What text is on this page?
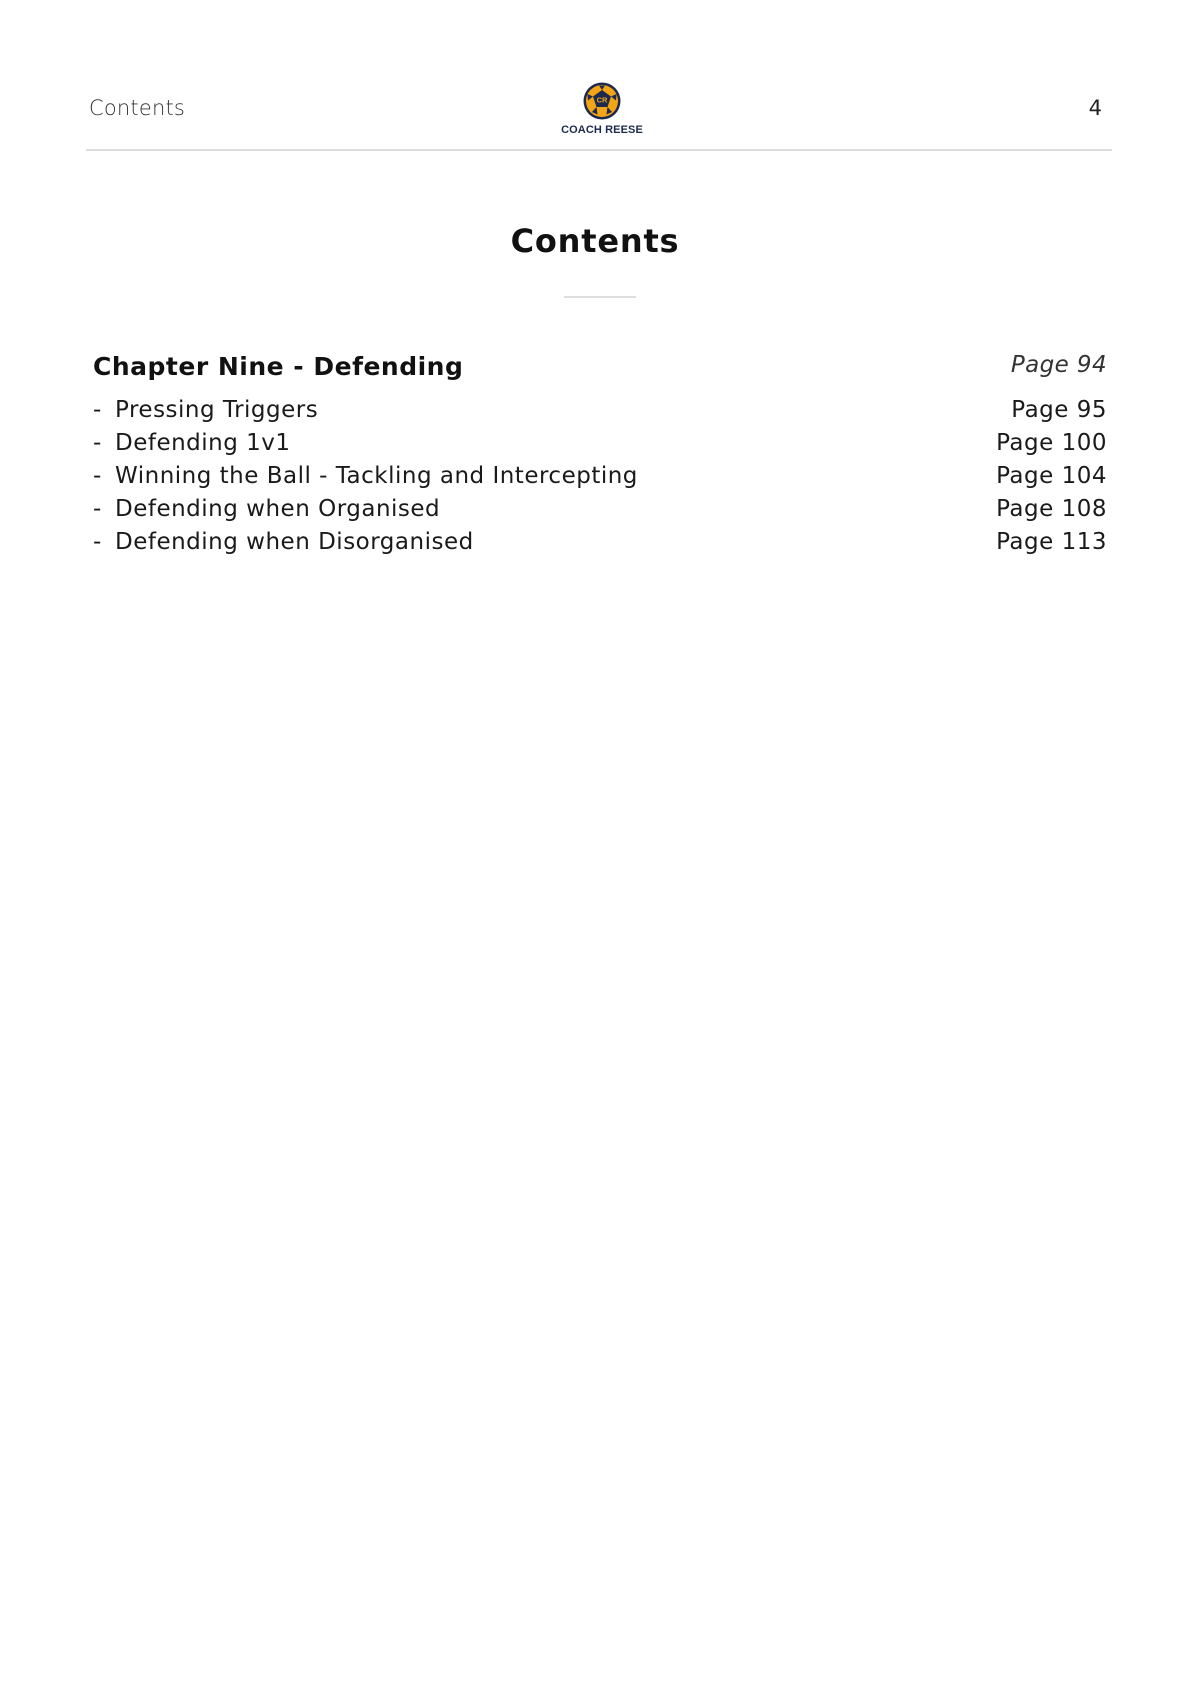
Contents	CR
COACH REESE
4
Contents
Chapter Nine - Defending	Page 94
- Pressing Triggers	Page 95
- Defending 1v1	Page 100
- Winning the Ball - Tackling and Intercepting	Page 104
- Defending when Organised	Page 108
- Defending when Disorganised	Page 113
